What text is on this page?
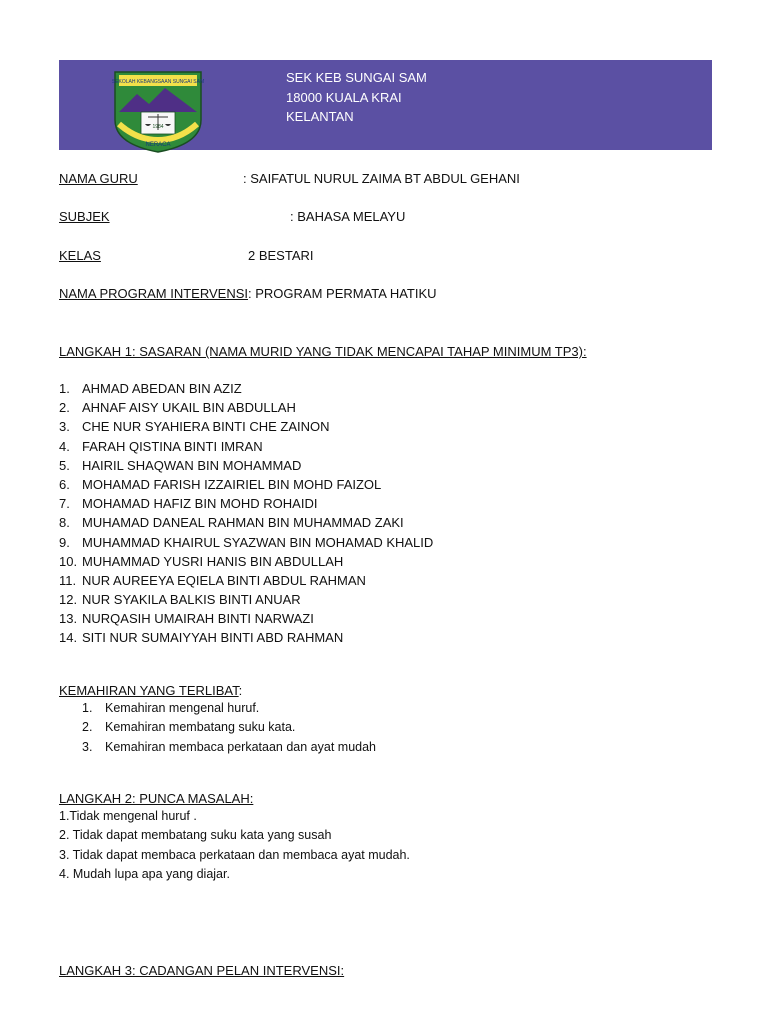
SEKOLAH KEBANGSAAN SUNGAI SAM
1984
NERACA
SEK KEB SUNGAI SAM
18000 KUALA KRAI
KELANTAN
NAMA GURU	: SAIFATUL NURUL ZAIMA BT ABDUL GEHANI
SUBJEK	: BAHASA MELAYU
KELAS	2 BESTARI
NAMA PROGRAM INTERVENSI: PROGRAM PERMATA HATIKU
LANGKAH 1: SASARAN (NAMA MURID YANG TIDAK MENCAPAI TAHAP MINIMUM TP3):
1. AHMAD ABEDAN BIN AZIZ
2. AHNAF AISY UKAIL BIN ABDULLAH
3. CHE NUR SYAHIERA BINTI CHE ZAINON
4. FARAH QISTINA BINTI IMRAN
5. HAIRIL SHAQWAN BIN MOHAMMAD
6. MOHAMAD FARISH IZZAIRIEL BIN MOHD FAIZOL
7. MOHAMAD HAFIZ BIN MOHD ROHAIDI
8. MUHAMAD DANEAL RAHMAN BIN MUHAMMAD ZAKI
9. MUHAMMAD KHAIRUL SYAZWAN BIN MOHAMAD KHALID
10. MUHAMMAD YUSRI HANIS BIN ABDULLAH
11. NUR AUREEYA EQIELA BINTI ABDUL RAHMAN
12. NUR SYAKILA BALKIS BINTI ANUAR
13. NURQASIH UMAIRAH BINTI NARWAZI
14. SITI NUR SUMAIYYAH BINTI ABD RAHMAN
KEMAHIRAN YANG TERLIBAT:
1. Kemahiran mengenal huruf.
2. Kemahiran membatang suku kata.
3. Kemahiran membaca perkataan dan ayat mudah
LANGKAH 2: PUNCA MASALAH:
1.Tidak mengenal huruf .
2. Tidak dapat membatang suku kata yang susah
3. Tidak dapat membaca perkataan dan membaca ayat mudah.
4. Mudah lupa apa yang diajar.
LANGKAH 3: CADANGAN PELAN INTERVENSI:
